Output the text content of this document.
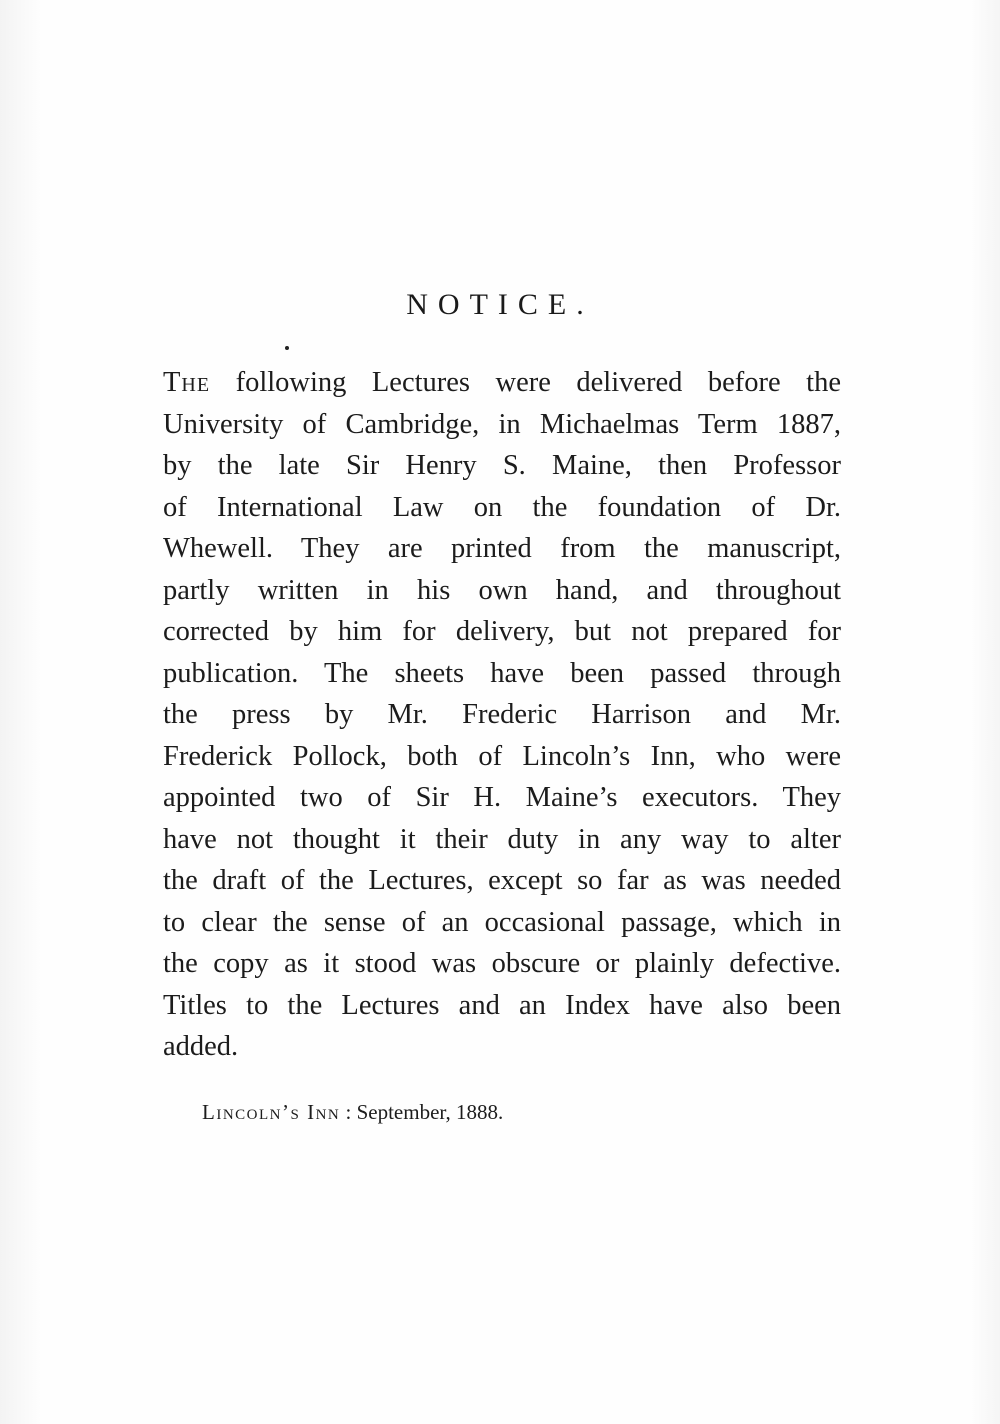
NOTICE.
The following Lectures were delivered before the
University of Cambridge, in Michaelmas Term 1887,
by the late Sir Henry S. Maine, then Professor
of International Law on the foundation of Dr.
Whewell. They are printed from the manuscript,
partly written in his own hand, and throughout
corrected by him for delivery, but not prepared for
publication. The sheets have been passed through
the press by Mr. Frederic Harrison and Mr.
Frederick Pollock, both of Lincoln’s Inn, who were
appointed two of Sir H. Maine’s executors. They
have not thought it their duty in any way to alter
the draft of the Lectures, except so far as was needed
to clear the sense of an occasional passage, which in
the copy as it stood was obscure or plainly defective.
Titles to the Lectures and an Index have also been
added.
Lincoln’s Inn : September, 1888.
